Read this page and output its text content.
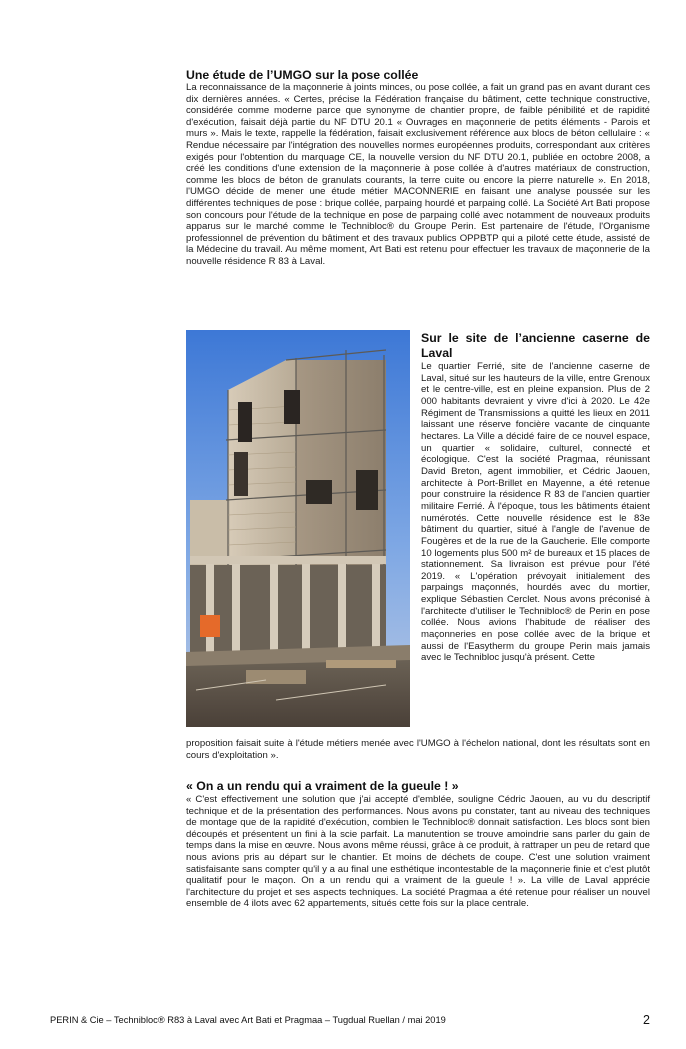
Une étude de l’UMGO sur la pose collée

La reconnaissance de la maçonnerie à joints minces, ou pose collée, a fait un grand pas en avant durant ces dix dernières années. « Certes, précise la Fédération française du bâtiment, cette technique constructive, considérée comme moderne parce que synonyme de chantier propre, de faible pénibilité et de rapidité d'exécution, faisait déjà partie du NF DTU 20.1 « Ouvrages en maçonnerie de petits éléments - Parois et murs ». Mais le texte, rappelle la fédération, faisait exclusivement référence aux blocs de béton cellulaire : « Rendue nécessaire par l'intégration des nouvelles normes européennes produits, correspondant aux critères exigés pour l'obtention du marquage CE, la nouvelle version du NF DTU 20.1, publiée en octobre 2008, a créé les conditions d'une extension de la maçonnerie à pose collée à d'autres matériaux de construction, comme les blocs de béton de granulats courants, la terre cuite ou encore la pierre naturelle ». En 2018, l'UMGO décide de mener une étude métier MACONNERIE en faisant une analyse poussée sur les différentes techniques de pose : brique collée, parpaing hourdé et parpaing collé. La Société Art Bati propose son concours pour l'étude de la technique en pose de parpaing collé avec notamment de nouveaux produits apparus sur le marché comme le Technibloc® du Groupe Perin. Est partenaire de l'étude, l'Organisme professionnel de prévention du bâtiment et des travaux publics OPPBTP qui a piloté cette étude, assisté de la Médecine du travail. Au même moment, Art Bati est retenu pour effectuer les travaux de maçonnerie de la nouvelle résidence R 83 à Laval.

Sur le site de l’ancienne caserne de Laval

Le quartier Ferrié, site de l'ancienne caserne de Laval, situé sur les hauteurs de la ville, entre Grenoux et le centre-ville, est en pleine expansion. Plus de 2 000 habitants devraient y vivre d'ici à 2020. Le 42e Régiment de Transmissions a quitté les lieux en 2011 laissant une réserve foncière vacante de cinquante hectares. La Ville a décidé faire de ce nouvel espace, un quartier « solidaire, culturel, connecté et écologique. C'est la société Pragmaa, réunissant David Breton, agent immobilier, et Cédric Jaouen, architecte à Port-Brillet en Mayenne, a été retenue pour construire la résidence R 83 de l'ancien quartier militaire Ferrié. À l'époque, tous les bâtiments étaient numérotés. Cette nouvelle résidence est le 83e bâtiment du quartier, situé à l'angle de l'avenue de Fougères et de la rue de la Gaucherie. Elle comporte 10 logements plus 500 m² de bureaux et 15 places de stationnement. Sa livraison est prévue pour l'été 2019. « L'opération prévoyait initialement des parpaings maçonnés, hourdés avec du mortier, explique Sébastien Cerclet. Nous avons préconisé à l'architecte d'utiliser le Technibloc® de Perin en pose collée. Nous avions l'habitude de réaliser des maçonneries en pose collée avec de la brique et aussi de l'Easytherm du groupe Perin mais jamais avec le Technibloc jusqu'à présent. Cette

proposition faisait suite à l'étude métiers menée avec l'UMGO à l'échelon national, dont les résultats sont en cours d'exploitation ».

« On a un rendu qui a vraiment de la gueule ! »

« C'est effectivement une solution que j'ai accepté d'emblée, souligne Cédric Jaouen, au vu du descriptif technique et de la présentation des performances. Nous avons pu constater, tant au niveau des techniques de montage que de la rapidité d'exécution, combien le Technibloc® donnait satisfaction. Les blocs sont bien découpés et présentent un fini à la scie parfait. La manutention se trouve amoindrie sans parler du gain de temps dans la mise en œuvre. Nous avons même réussi, grâce à ce produit, à rattraper un peu de retard que nous avions pris au départ sur le chantier. Et moins de déchets de coupe. C'est une solution vraiment satisfaisante sans compter qu'il y a au final une esthétique incontestable de la maçonnerie finie et c'est plutôt qualitatif pour le maçon. On a un rendu qui a vraiment de la gueule ! ». La ville de Laval apprécie l'architecture du projet et ses aspects techniques. La société Pragmaa a été retenue pour réaliser un nouvel ensemble de 4 ilots avec 62 appartements, situés cette fois sur la place centrale.

PERIN & Cie – Technibloc® R83 à Laval avec Art Bati et Pragmaa – Tugdual Ruellan / mai 2019	2
